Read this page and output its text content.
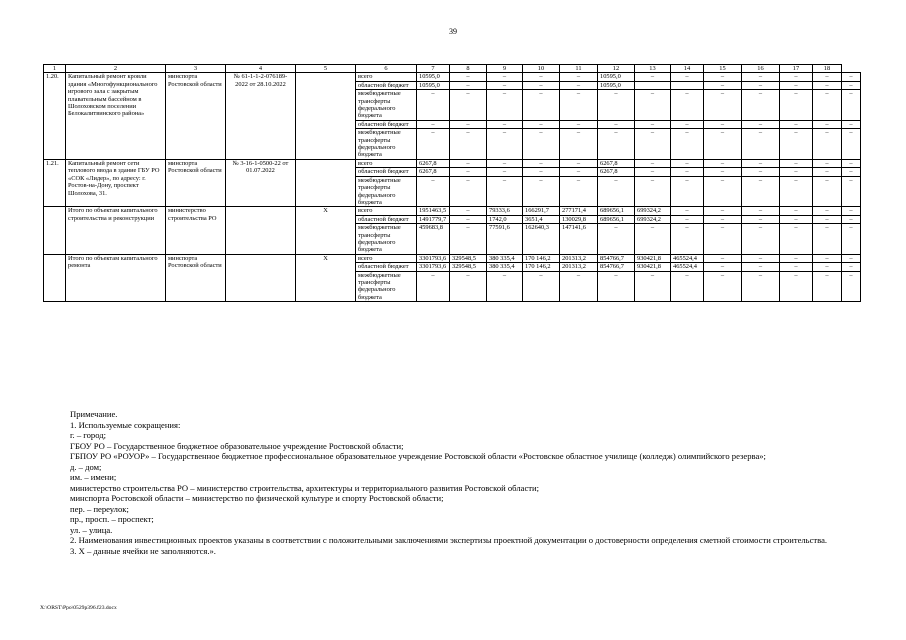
39
1	2	3	4	5	6	7	8	9	10	11	12	13	14	15	16	17	18	
1.20.	Капитальный ремонт кровли здания «Многофункционального игрового зала с закрытым плавательным бассейном в Шолоховском поселении Белокалитвинского района»	минспорта Ростовской области	№ 61-1-1-2-076189-2022 от 28.10.2022		всего	10595,0	–	–	–	–	10595,0	–	–	–	–	–	–	–
					областной бюджет	10595,0	–	–	–	–	10595,0			–	–	–	–	–
					межбюджетные трансферты федерального бюджета	–	–	–	–	–	–	–	–	–	–	–	–	–
					областной бюджет	–	–	–	–	–	–	–	–	–	–	–	–	–
					межбюджетные трансферты федерального бюджета	–	–	–	–	–	–	–	–	–	–	–	–	–
1.21.	Капитальный ремонт сети теплового ввода в здание ГБУ РО «СОК «Лидер», по адресу: г. Ростов-на-Дону, проспект Шолохова, 31.	минспорта Ростовской области	№ 3-16-1-0500-22 от 01.07.2022		всего	6267,8	–	–	–	–	6267,8	–	–	–	–	–	–	–
					областной бюджет	6267,8	–	–	–	–	6267,8	–	–	–	–	–	–	–
					межбюджетные трансферты федерального бюджета	–	–	–	–	–	–	–	–	–	–	–	–	–
	Итого по объектам капитального строительства и реконструкции	министерство строительства РО		X	всего	1951463,5	–	79333,6	166291,7	277171,4	689656,1	699324,2	–	–	–	–	–	–
					областной бюджет	1491779,7	–	1742,0	3651,4	130029,8	689656,1	699324,2	–	–	–	–	–	–
					межбюджетные трансферты федерального бюджета	459683,8	–	77591,6	162640,3	147141,6	–	–	–	–	–	–	–	–
	Итого по объектам капитального ремонта	минспорта Ростовской области		X	всего	3301793,6	329548,5	380 335,4	170 146,2	201313,2	854766,7	930421,8	465524,4	–	–	–	–	–
					областной бюджет	3301793,6	329548,5	380 335,4	170 146,2	201313,2	854766,7	930421,8	465524,4	–	–	–	–	–
					межбюджетные трансферты федерального бюджета	–	–	–	–	–	–	–	–	–	–	–	–	–

Примечание.

1. Используемые сокращения:

г. – город;

ГБОУ РО – Государственное бюджетное образовательное учреждение Ростовской области;

ГБПОУ РО «РОУОР» – Государственное бюджетное профессиональное образовательное учреждение Ростовской области «Ростовское областное училище (колледж) олимпийского резерва»;

д. – дом;

им. – имени;

министерство строительства РО – министерство строительства, архитектуры и территориального развития Ростовской области;

минспорта Ростовской области – министерство по физической культуре и спорту Ростовской области;

пер. – переулок;

пр., просп. – проспект;

ул. – улица.

2. Наименования инвестиционных проектов указаны в соответствии с положительными заключениями экспертизы проектной документации о достоверности определения сметной стоимости строительства.

3. Х – данные ячейки не заполняются.».

X:\ORST\Ppo\0529p396.f23.docx
